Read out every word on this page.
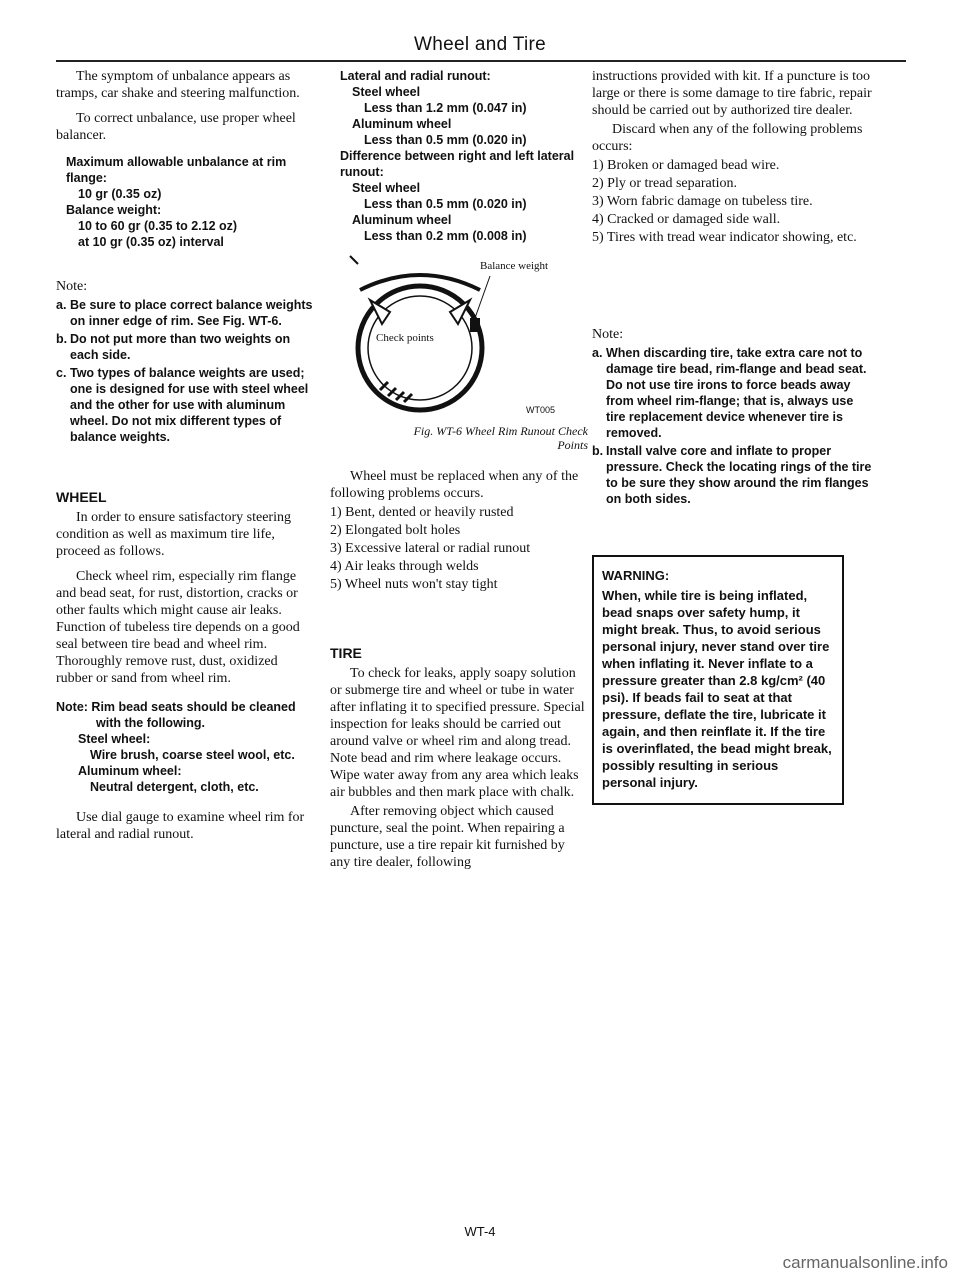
Wheel and Tire

The symptom of unbalance appears as tramps, car shake and steering malfunction.

To correct unbalance, use proper wheel balancer.

Maximum allowable unbalance at rim flange:
10 gr (0.35 oz)
Balance weight:
10 to 60 gr (0.35 to 2.12 oz)
at 10 gr (0.35 oz) interval
Note:
a. Be sure to place correct balance weights on inner edge of rim. See Fig. WT-6.
b. Do not put more than two weights on each side.
c. Two types of balance weights are used; one is designed for use with steel wheel and the other for use with aluminum wheel. Do not mix different types of balance weights.
WHEEL

In order to ensure satisfactory steering condition as well as maximum tire life, proceed as follows.

Check wheel rim, especially rim flange and bead seat, for rust, distortion, cracks or other faults which might cause air leaks. Function of tubeless tire depends on a good seal between tire bead and wheel rim. Thoroughly remove rust, dust, oxidized rubber or sand from wheel rim.

Note: Rim bead seats should be cleaned with the following.
Steel wheel:
Wire brush, coarse steel wool, etc.
Aluminum wheel:
Neutral detergent, cloth, etc.

Use dial gauge to examine wheel rim for lateral and radial runout.

Lateral and radial runout:
Steel wheel
Less than 1.2 mm (0.047 in)
Aluminum wheel
Less than 0.5 mm (0.020 in)
Difference between right and left lateral runout:
Steel wheel
Less than 0.5 mm (0.020 in)
Aluminum wheel
Less than 0.2 mm (0.008 in)
Balance weight
Check points
WT005
Fig. WT-6 Wheel Rim Runout Check Points

Wheel must be replaced when any of the following problems occurs.

1) Bent, dented or heavily rusted
2) Elongated bolt holes
3) Excessive lateral or radial runout
4) Air leaks through welds
5) Wheel nuts won't stay tight
TIRE

To check for leaks, apply soapy solution or submerge tire and wheel or tube in water after inflating it to specified pressure. Special inspection for leaks should be carried out around valve or wheel rim and along tread. Note bead and rim where leakage occurs. Wipe water away from any area which leaks air bubbles and then mark place with chalk.

After removing object which caused puncture, seal the point. When repairing a puncture, use a tire repair kit furnished by any tire dealer, following

instructions provided with kit. If a puncture is too large or there is some damage to tire fabric, repair should be carried out by authorized tire dealer.

Discard when any of the following problems occurs:

1) Broken or damaged bead wire.
2) Ply or tread separation.
3) Worn fabric damage on tubeless tire.
4) Cracked or damaged side wall.
5) Tires with tread wear indicator showing, etc.
Note:
a. When discarding tire, take extra care not to damage tire bead, rim-flange and bead seat. Do not use tire irons to force beads away from wheel rim-flange; that is, always use tire replacement device whenever tire is removed.
b. Install valve core and inflate to proper pressure. Check the locating rings of the tire to be sure they show around the rim flanges on both sides.
WARNING:
When, while tire is being inflated, bead snaps over safety hump, it might break. Thus, to avoid serious personal injury, never stand over tire when inflating it. Never inflate to a pressure greater than 2.8 kg/cm² (40 psi). If beads fail to seat at that pressure, deflate the tire, lubricate it again, and then reinflate it. If the tire is overinflated, the bead might break, possibly resulting in serious personal injury.
WT-4
carmanualsonline.info
